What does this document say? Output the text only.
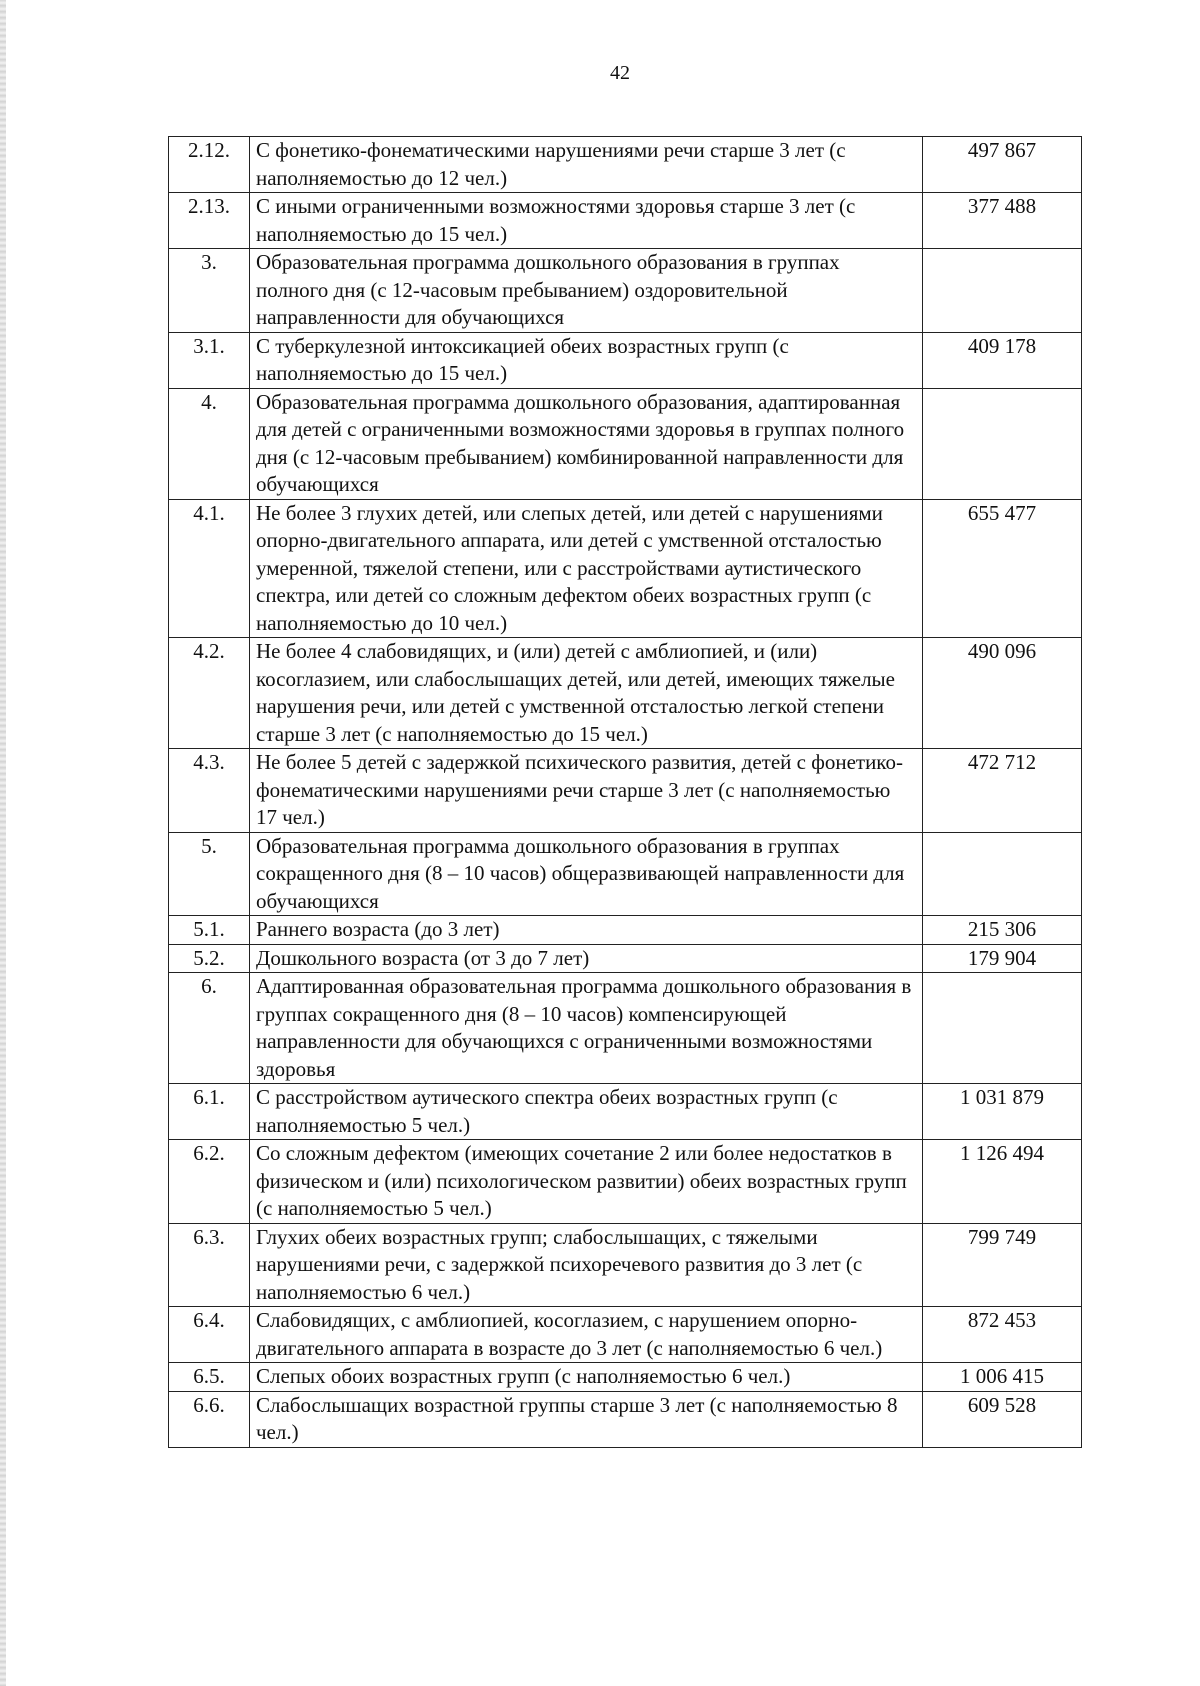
42
2.12.	С фонетико-фонематическими нарушениями речи старше 3 лет (с наполняемостью до 12 чел.)	497 867
2.13.	С иными ограниченными возможностями здоровья старше 3 лет (с наполняемостью до 15 чел.)	377 488
3.	Образовательная программа дошкольного образования в группах полного дня (с 12-часовым пребыванием) оздоровительной направленности для обучающихся	
3.1.	С туберкулезной интоксикацией обеих возрастных групп (с наполняемостью до 15 чел.)	409 178
4.	Образовательная программа дошкольного образования, адаптированная для детей с ограниченными возможностями здоровья в группах полного дня (с 12-часовым пребыванием) комбинированной направленности для обучающихся	
4.1.	Не более 3 глухих детей, или слепых детей, или детей с нарушениями опорно-двигательного аппарата, или детей с умственной отсталостью умеренной, тяжелой степени, или с расстройствами аутистического спектра, или детей со сложным дефектом обеих возрастных групп (с наполняемостью до 10 чел.)	655 477
4.2.	Не более 4 слабовидящих, и (или) детей с амблиопией, и (или) косоглазием, или слабослышащих детей, или детей, имеющих тяжелые нарушения речи, или детей с умственной отсталостью легкой степени старше 3 лет (с наполняемостью до 15 чел.)	490 096
4.3.	Не более 5 детей с задержкой психического развития, детей с фонетико-фонематическими нарушениями речи старше 3 лет (с наполняемостью 17 чел.)	472 712
5.	Образовательная программа дошкольного образования в группах сокращенного дня (8 – 10 часов) общеразвивающей направленности для обучающихся	
5.1.	Раннего возраста (до 3 лет)	215 306
5.2.	Дошкольного возраста (от 3 до 7 лет)	179 904
6.	Адаптированная образовательная программа дошкольного образования в группах сокращенного дня (8 – 10 часов) компенсирующей направленности для обучающихся с ограниченными возможностями здоровья	
6.1.	С расстройством аутического спектра обеих возрастных групп (с наполняемостью 5 чел.)	1 031 879
6.2.	Со сложным дефектом (имеющих сочетание 2 или более недостатков в физическом и (или) психологическом развитии) обеих возрастных групп (с наполняемостью 5 чел.)	1 126 494
6.3.	Глухих обеих возрастных групп; слабослышащих, с тяжелыми нарушениями речи, с задержкой психоречевого развития до 3 лет (с наполняемостью 6 чел.)	799 749
6.4.	Слабовидящих, с амблиопией, косоглазием, с нарушением опорно-двигательного аппарата в возрасте до 3 лет (с наполняемостью 6 чел.)	872 453
6.5.	Слепых обоих возрастных групп (с наполняемостью 6 чел.)	1 006 415
6.6.	Слабослышащих возрастной группы старше 3 лет (с наполняемостью 8 чел.)	609 528
